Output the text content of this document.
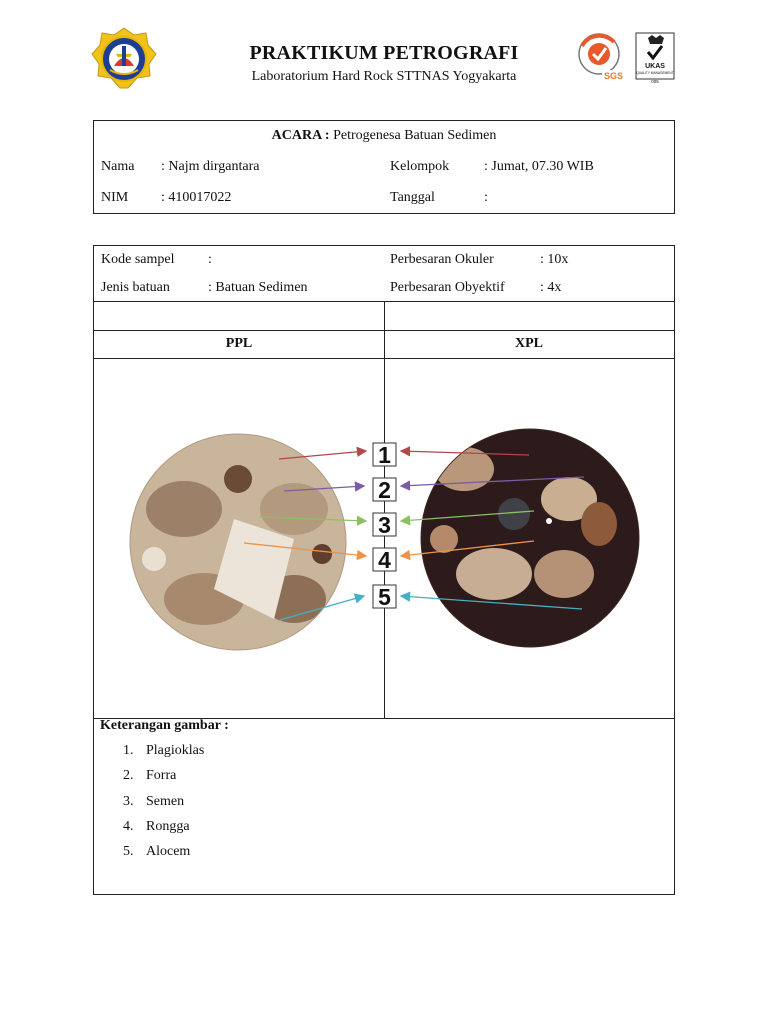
SGS
UKAS
QUALITY MANAGEMENT
005
PRAKTIKUM PETROGRAFI
Laboratorium Hard Rock STTNAS Yogyakarta
ACARA : Petrogenesa Batuan Sedimen
Nama : Najm dirgantara	Kelompok : Jumat, 07.30 WIB
NIM : 410017022	Tanggal	:
Kode sampel :	Perbesaran Okuler	: 10x
Jenis batuan	: Batuan Sedimen	Perbesaran Obyektif	: 4x
PPL	XPL
1
2
3
4
5
Keterangan gambar :
1. Plagioklas
2. Forra
3. Semen
4. Rongga
5. Alocem
